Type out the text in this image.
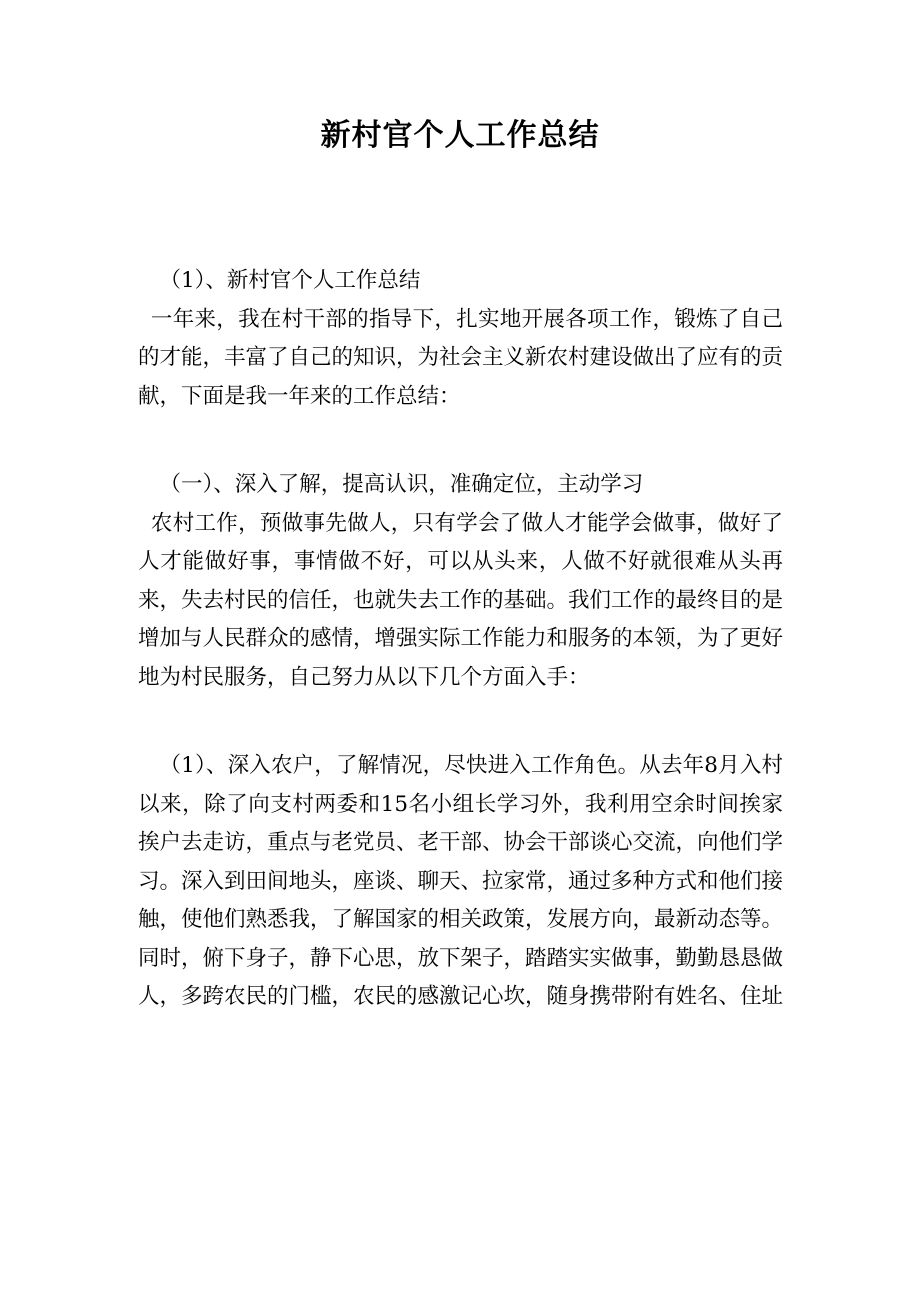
新村官个人工作总结

（1）、新村官个人工作总结

一年来，我在村干部的指导下，扎实地开展各项工作，锻炼了自己的才能，丰富了自己的知识，为社会主义新农村建设做出了应有的贡献，下面是我一年来的工作总结：

（一）、深入了解，提高认识，准确定位，主动学习

农村工作，预做事先做人，只有学会了做人才能学会做事，做好了人才能做好事，事情做不好，可以从头来，人做不好就很难从头再来，失去村民的信任，也就失去工作的基础。我们工作的最终目的是增加与人民群众的感情，增强实际工作能力和服务的本领，为了更好地为村民服务，自己努力从以下几个方面入手：

（1）、深入农户，了解情况，尽快进入工作角色。从去年8月入村以来，除了向支村两委和15名小组长学习外，我利用空余时间挨家挨户去走访，重点与老党员、老干部、协会干部谈心交流，向他们学习。深入到田间地头，座谈、聊天、拉家常，通过多种方式和他们接触，使他们熟悉我，了解国家的相关政策，发展方向，最新动态等。同时，俯下身子，静下心思，放下架子，踏踏实实做事，勤勤恳恳做人，多跨农民的门槛，农民的感激记心坎，随身携带附有姓名、住址
